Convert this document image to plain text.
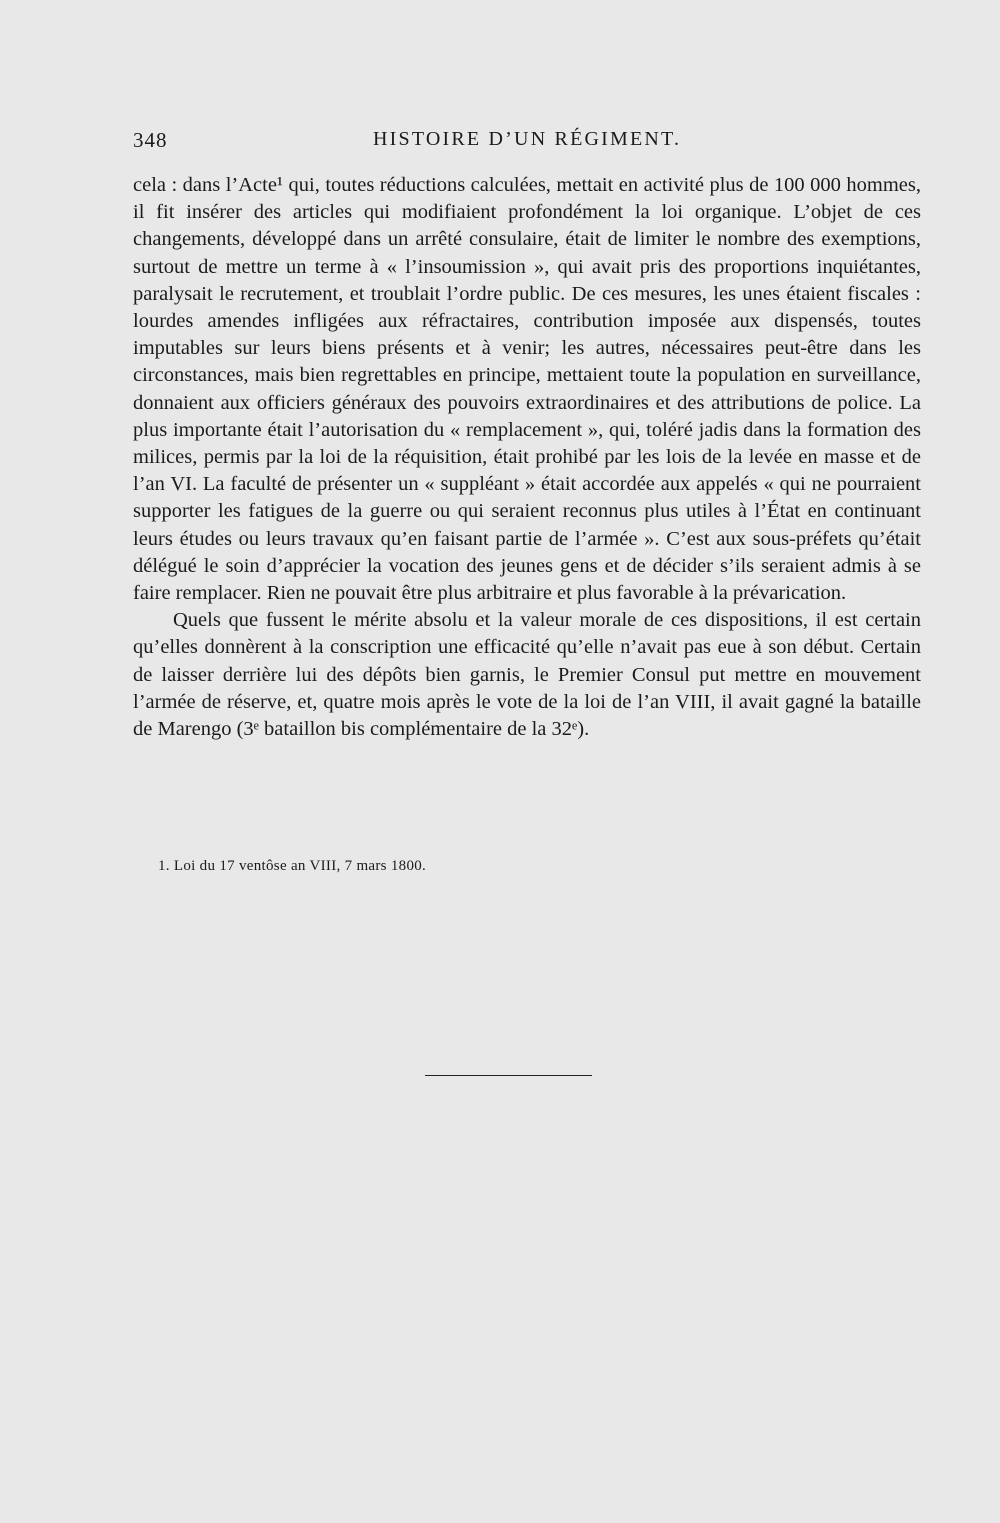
348	HISTOIRE D’UN RÉGIMENT.

cela : dans l’Acte¹ qui, toutes réductions calculées, mettait en activité plus de 100 000 hommes, il fit insérer des articles qui modifiaient profondément la loi organique. L’objet de ces changements, développé dans un arrêté consulaire, était de limiter le nombre des exemptions, surtout de mettre un terme à « l’insoumission », qui avait pris des proportions inquiétantes, paralysait le recrutement, et troublait l’ordre public. De ces mesures, les unes étaient fiscales : lourdes amendes infligées aux réfractaires, contribution imposée aux dispensés, toutes imputables sur leurs biens présents et à venir; les autres, nécessaires peut-être dans les circonstances, mais bien regrettables en principe, mettaient toute la population en surveillance, donnaient aux officiers généraux des pouvoirs extraordinaires et des attributions de police. La plus importante était l’autorisation du « remplacement », qui, toléré jadis dans la formation des milices, permis par la loi de la réquisition, était prohibé par les lois de la levée en masse et de l’an VI. La faculté de présenter un « suppléant » était accordée aux appelés « qui ne pourraient supporter les fatigues de la guerre ou qui seraient reconnus plus utiles à l’État en continuant leurs études ou leurs travaux qu’en faisant partie de l’armée ». C’est aux sous-préfets qu’était délégué le soin d’apprécier la vocation des jeunes gens et de décider s’ils seraient admis à se faire remplacer. Rien ne pouvait être plus arbitraire et plus favorable à la prévarication.

Quels que fussent le mérite absolu et la valeur morale de ces dispositions, il est certain qu’elles donnèrent à la conscription une efficacité qu’elle n’avait pas eue à son début. Certain de laisser derrière lui des dépôts bien garnis, le Premier Consul put mettre en mouvement l’armée de réserve, et, quatre mois après le vote de la loi de l’an VIII, il avait gagné la bataille de Marengo (3ᵉ bataillon bis complémentaire de la 32ᵉ).

1. Loi du 17 ventôse an VIII, 7 mars 1800.
